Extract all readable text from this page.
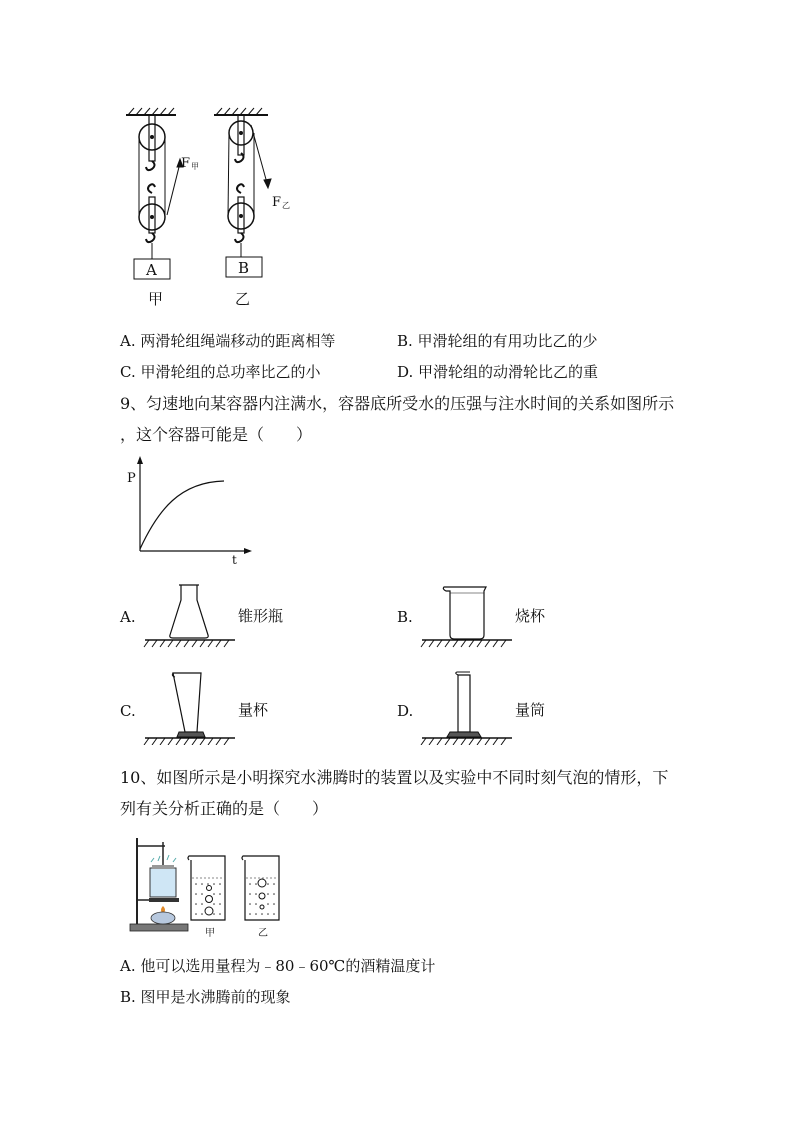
A
F 甲
甲
B
F 乙
乙
A. 两滑轮组绳端移动的距离相等	B. 甲滑轮组的有用功比乙的少
C. 甲滑轮组的总功率比乙的小	D. 甲滑轮组的动滑轮比乙的重
9、匀速地向某容器内注满水，容器底所受水的压强与注水时间的关系如图所示
，这个容器可能是（　　）
P
t
A.	锥形瓶	B.	烧杯
C.	量杯	D.	量筒
10、如图所示是小明探究水沸腾时的装置以及实验中不同时刻气泡的情形，下
列有关分析正确的是（　　）
甲	乙
A. 他可以选用量程为﹣80﹣60℃的酒精温度计
B. 图甲是水沸腾前的现象
